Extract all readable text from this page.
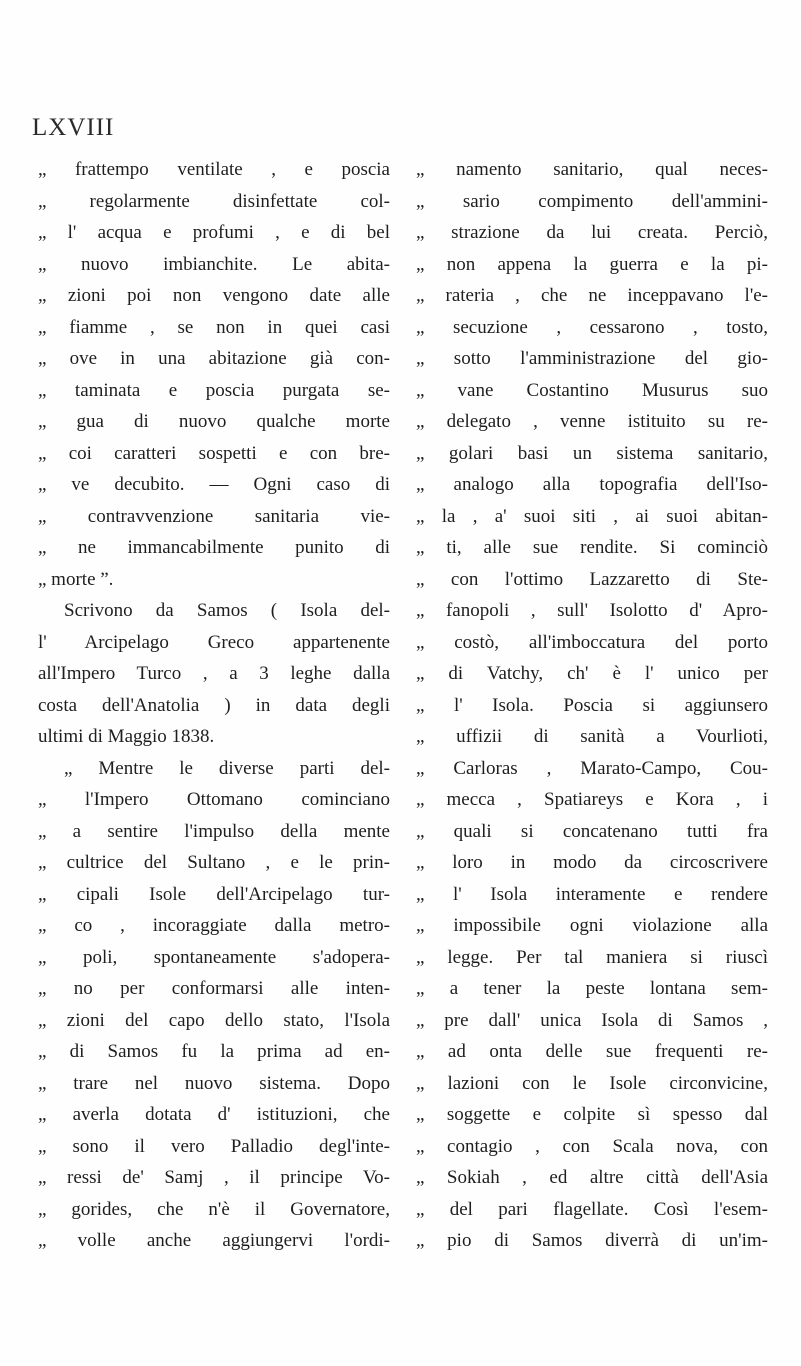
LXVIII
„ frattempo ventilate , e poscia
„ regolarmente disinfettate col-
„ l' acqua e profumi , e di bel
„ nuovo imbianchite. Le abita-
„ zioni poi non vengono date alle
„ fiamme , se non in quei casi
„ ove in una abitazione già con-
„ taminata e poscia purgata se-
„ gua di nuovo qualche morte
„ coi caratteri sospetti e con bre-
„ ve decubito. — Ogni caso di
„ contravvenzione sanitaria vie-
„ ne immancabilmente punito di
„ morte ”.
Scrivono da Samos ( Isola del-
l' Arcipelago Greco appartenente
all'Impero Turco , a 3 leghe dalla
costa dell'Anatolia ) in data degli
ultimi di Maggio 1838.
„ Mentre le diverse parti del-
„ l'Impero Ottomano cominciano
„ a sentire l'impulso della mente
„ cultrice del Sultano , e le prin-
„ cipali Isole dell'Arcipelago tur-
„ co , incoraggiate dalla metro-
„ poli, spontaneamente s'adopera-
„ no per conformarsi alle inten-
„ zioni del capo dello stato, l'Isola
„ di Samos fu la prima ad en-
„ trare nel nuovo sistema. Dopo
„ averla dotata d' istituzioni, che
„ sono il vero Palladio degl'inte-
„ ressi de' Samj , il principe Vo-
„ gorides, che n'è il Governatore,
„ volle anche aggiungervi l'ordi-
„ namento sanitario, qual neces-
„ sario compimento dell'ammini-
„ strazione da lui creata. Perciò,
„ non appena la guerra e la pi-
„ rateria , che ne inceppavano l'e-
„ secuzione , cessarono , tosto,
„ sotto l'amministrazione del gio-
„ vane Costantino Musurus suo
„ delegato , venne istituito su re-
„ golari basi un sistema sanitario,
„ analogo alla topografia dell'Iso-
„ la , a' suoi siti , ai suoi abitan-
„ ti, alle sue rendite. Si cominciò
„ con l'ottimo Lazzaretto di Ste-
„ fanopoli , sull' Isolotto d' Apro-
„ costò, all'imboccatura del porto
„ di Vatchy, ch' è l' unico per
„ l' Isola. Poscia si aggiunsero
„ uffizii di sanità a Vourlioti,
„ Carloras , Marato-Campo, Cou-
„ mecca , Spatiareys e Kora , i
„ quali si concatenano tutti fra
„ loro in modo da circoscrivere
„ l' Isola interamente e rendere
„ impossibile ogni violazione alla
„ legge. Per tal maniera si riuscì
„ a tener la peste lontana sem-
„ pre dall' unica Isola di Samos ,
„ ad onta delle sue frequenti re-
„ lazioni con le Isole circonvicine,
„ soggette e colpite sì spesso dal
„ contagio , con Scala nova, con
„ Sokiah , ed altre città dell'Asia
„ del pari flagellate. Così l'esem-
„ pio di Samos diverrà di un'im-
